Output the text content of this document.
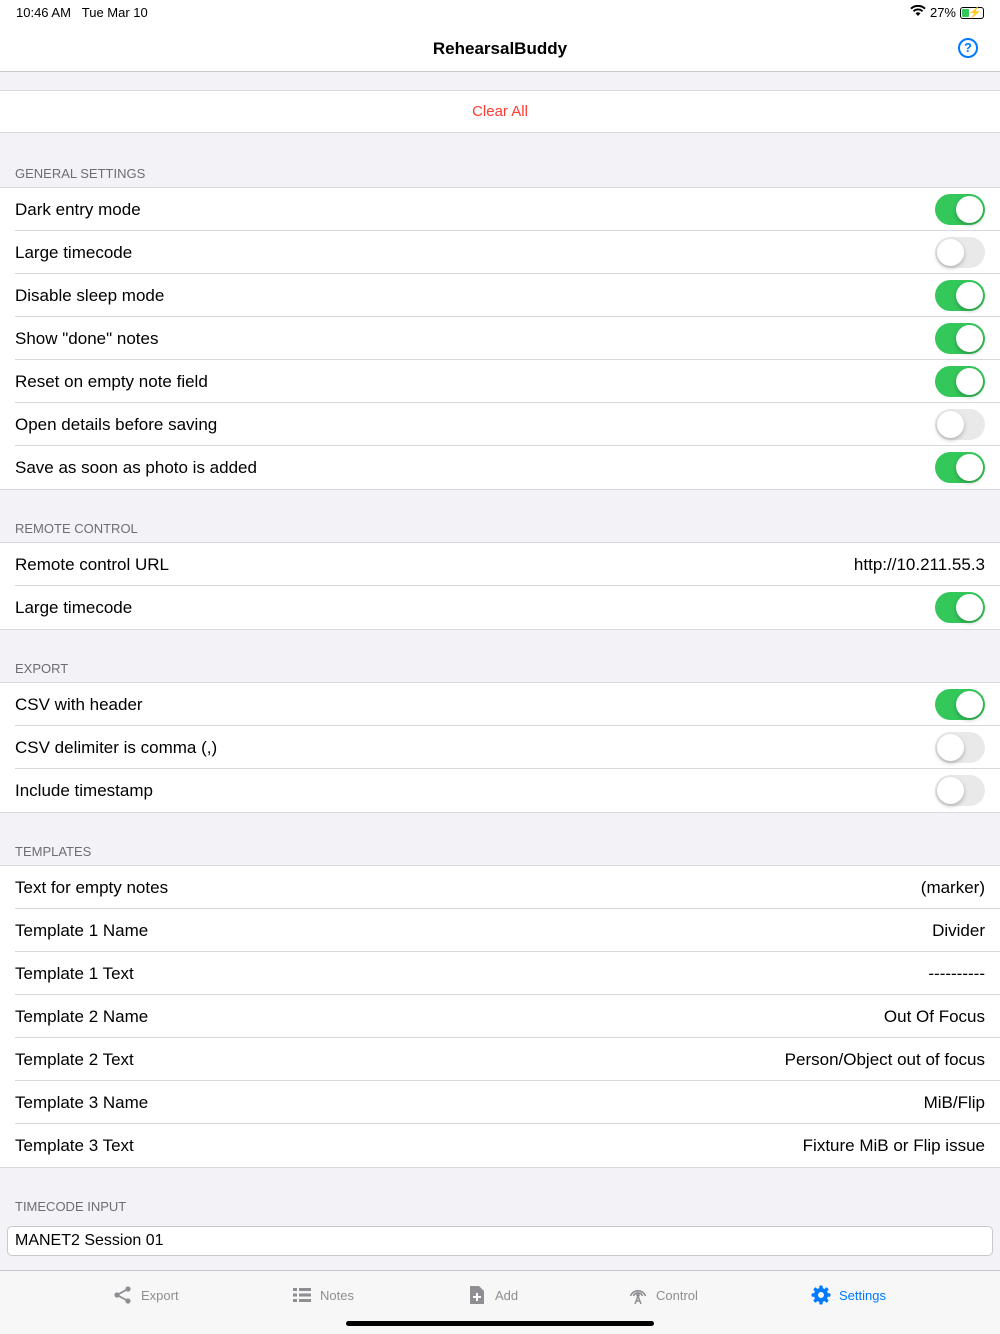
10:46 AM Tue Mar 10	27% ⚡
RehearsalBuddy	?
Clear All
GENERAL SETTINGS
Dark entry mode
Large timecode
Disable sleep mode
Show "done" notes
Reset on empty note field
Open details before saving
Save as soon as photo is added
REMOTE CONTROL
Remote control URL	http://10.211.55.3
Large timecode
EXPORT
CSV with header
CSV delimiter is comma (,)
Include timestamp
TEMPLATES
Text for empty notes	(marker)
Template 1 Name	Divider
Template 1 Text	----------
Template 2 Name	Out Of Focus
Template 2 Text	Person/Object out of focus
Template 3 Name	MiB/Flip
Template 3 Text	Fixture MiB or Flip issue
TIMECODE INPUT
MANET2 Session 01
Export	Notes	Add	Control	Settings
